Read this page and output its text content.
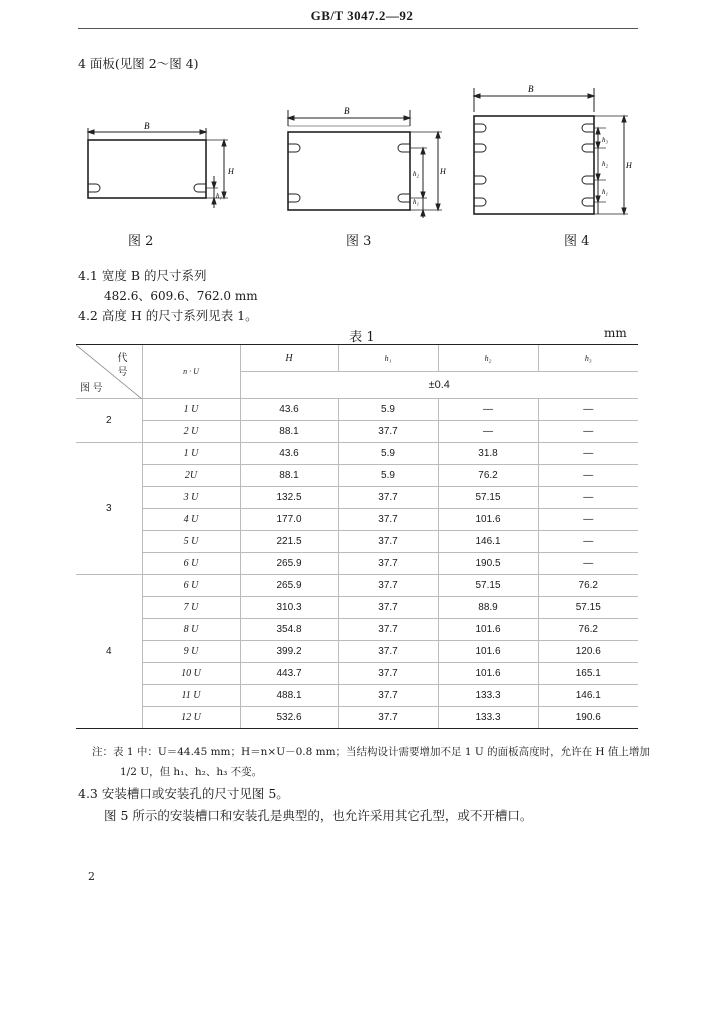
GB/T 3047.2—92
4 面板(见图 2～图 4)
B
H
h₁
图 2
B
H
h₂
h₁
图 3
B
H
h₃
h₂
h₁
图 4
4.1 宽度 B 的尺寸系列
482.6、609.6、762.0 mm
4.2 高度 H 的尺寸系列见表 1。
表 1	mm
代
号
图 号	n · U	H	h₁	h₂	h₃
		±0.4			
2	1 U	43.6	5.9	—	—
	2 U	88.1	37.7	—	—
3	1 U	43.6	5.9	31.8	—
	2U	88.1	5.9	76.2	—
	3 U	132.5	37.7	57.15	—
	4 U	177.0	37.7	101.6	—
	5 U	221.5	37.7	146.1	—
	6 U	265.9	37.7	190.5	—
4	6 U	265.9	37.7	57.15	76.2
	7 U	310.3	37.7	88.9	57.15
	8 U	354.8	37.7	101.6	76.2
	9 U	399.2	37.7	101.6	120.6
	10 U	443.7	37.7	101.6	165.1
	11 U	488.1	37.7	133.3	146.1
	12 U	532.6	37.7	133.3	190.6
注：表 1 中：U＝44.45 mm；H＝n×U－0.8 mm；当结构设计需要增加不足 1 U 的面板高度时，允许在 H 值上增加
1/2 U，但 h₁、h₂、h₃ 不变。
4.3 安装槽口或安装孔的尺寸见图 5。
图 5 所示的安装槽口和安装孔是典型的，也允许采用其它孔型，或不开槽口。
2
